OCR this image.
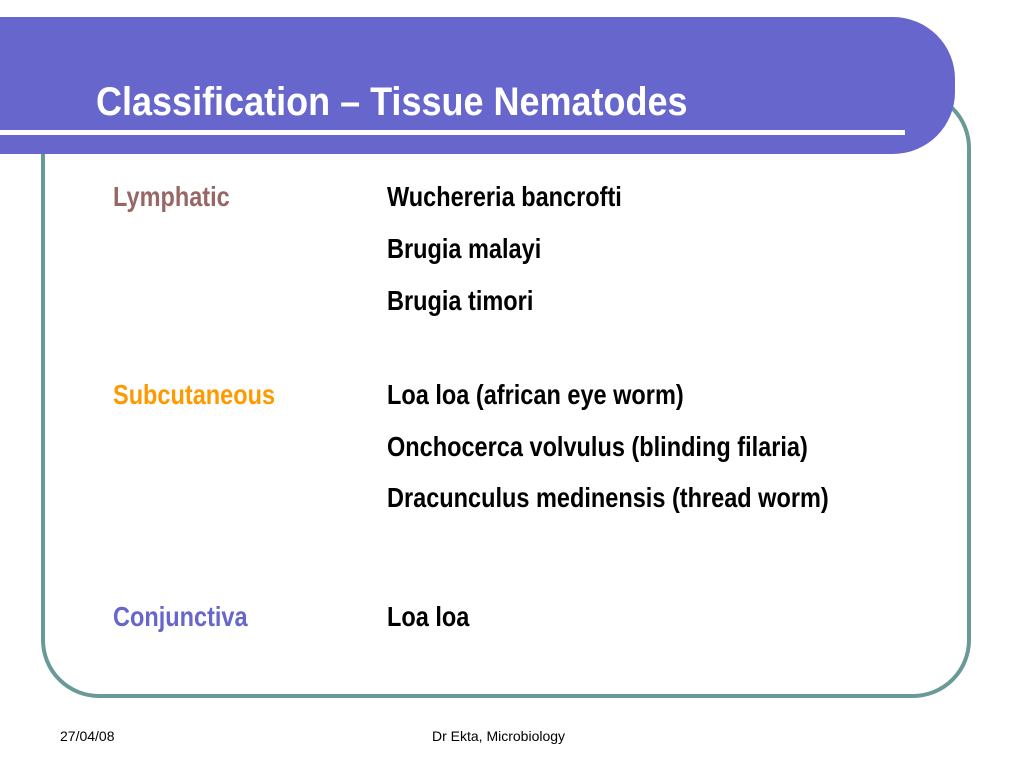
Classification – Tissue Nematodes

Lymphatic	Wuchereria bancrofti

Brugia malayi

Brugia timori

Subcutaneous	Loa loa (african eye worm)

Onchocerca volvulus (blinding filaria)

Dracunculus medinensis (thread worm)

Conjunctiva	Loa loa

27/04/08	Dr Ekta, Microbiology
